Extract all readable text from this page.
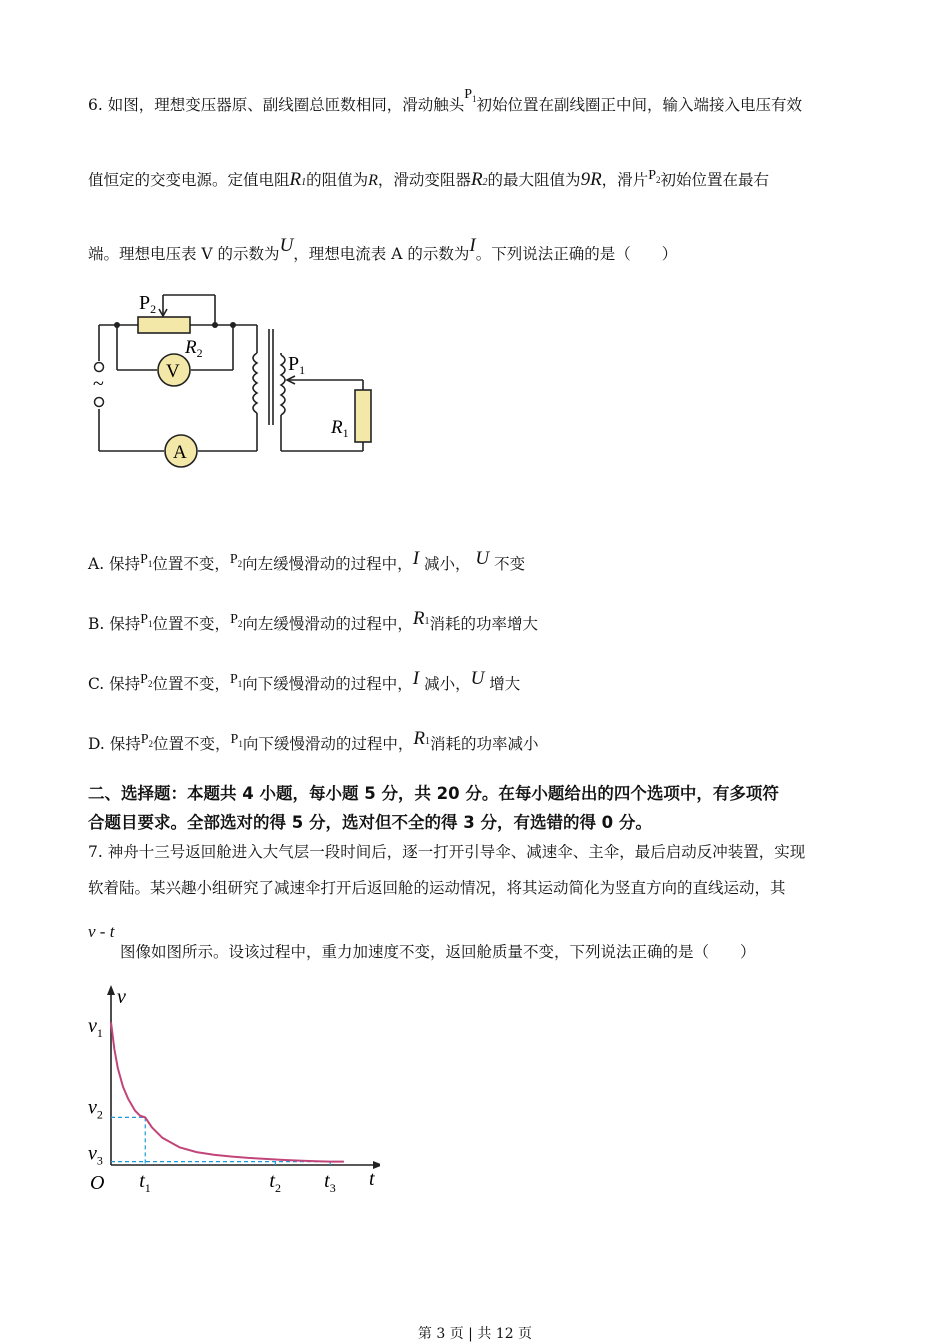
6. 如图，理想变压器原、副线圈总匝数相同，滑动触头$P_1$初始位置在副线圈正中间，输入端接入电压有效
值恒定的交变电源。定值电阻R1的阻值为R，滑动变阻器R2的最大阻值为9R，滑片$P_2$初始位置在最右
端。理想电压表 V 的示数为U，理想电流表 A 的示数为I。下列说法正确的是（　　）
~
$P_2$
$R_2$
V
A
$P_1$
$R_1$
A. 保持$P_1$位置不变，$P_2$向左缓慢滑动的过程中，I 减小， U 不变
B. 保持$P_1$位置不变，$P_2$向左缓慢滑动的过程中，R1消耗的功率增大
C. 保持$P_2$位置不变，$P_1$向下缓慢滑动的过程中，I 减小，U 增大
D. 保持$P_2$位置不变，$P_1$向下缓慢滑动的过程中，R1消耗的功率减小
二、选择题：本题共 4 小题，每小题 5 分，共 20 分。在每小题给出的四个选项中，有多项符
合题目要求。全部选对的得 5 分，选对但不全的得 3 分，有选错的得 0 分。
7. 神舟十三号返回舱进入大气层一段时间后，逐一打开引导伞、减速伞、主伞，最后启动反冲装置，实现
软着陆。某兴趣小组研究了减速伞打开后返回舱的运动情况，将其运动简化为竖直方向的直线运动，其
v - t
图像如图所示。设该过程中，重力加速度不变，返回舱质量不变，下列说法正确的是（　　）
$v_1$
$v_2$
$v_3$
v
O $t_1$	$t_2$ $t_3$ t
第 3 页 | 共 12 页
